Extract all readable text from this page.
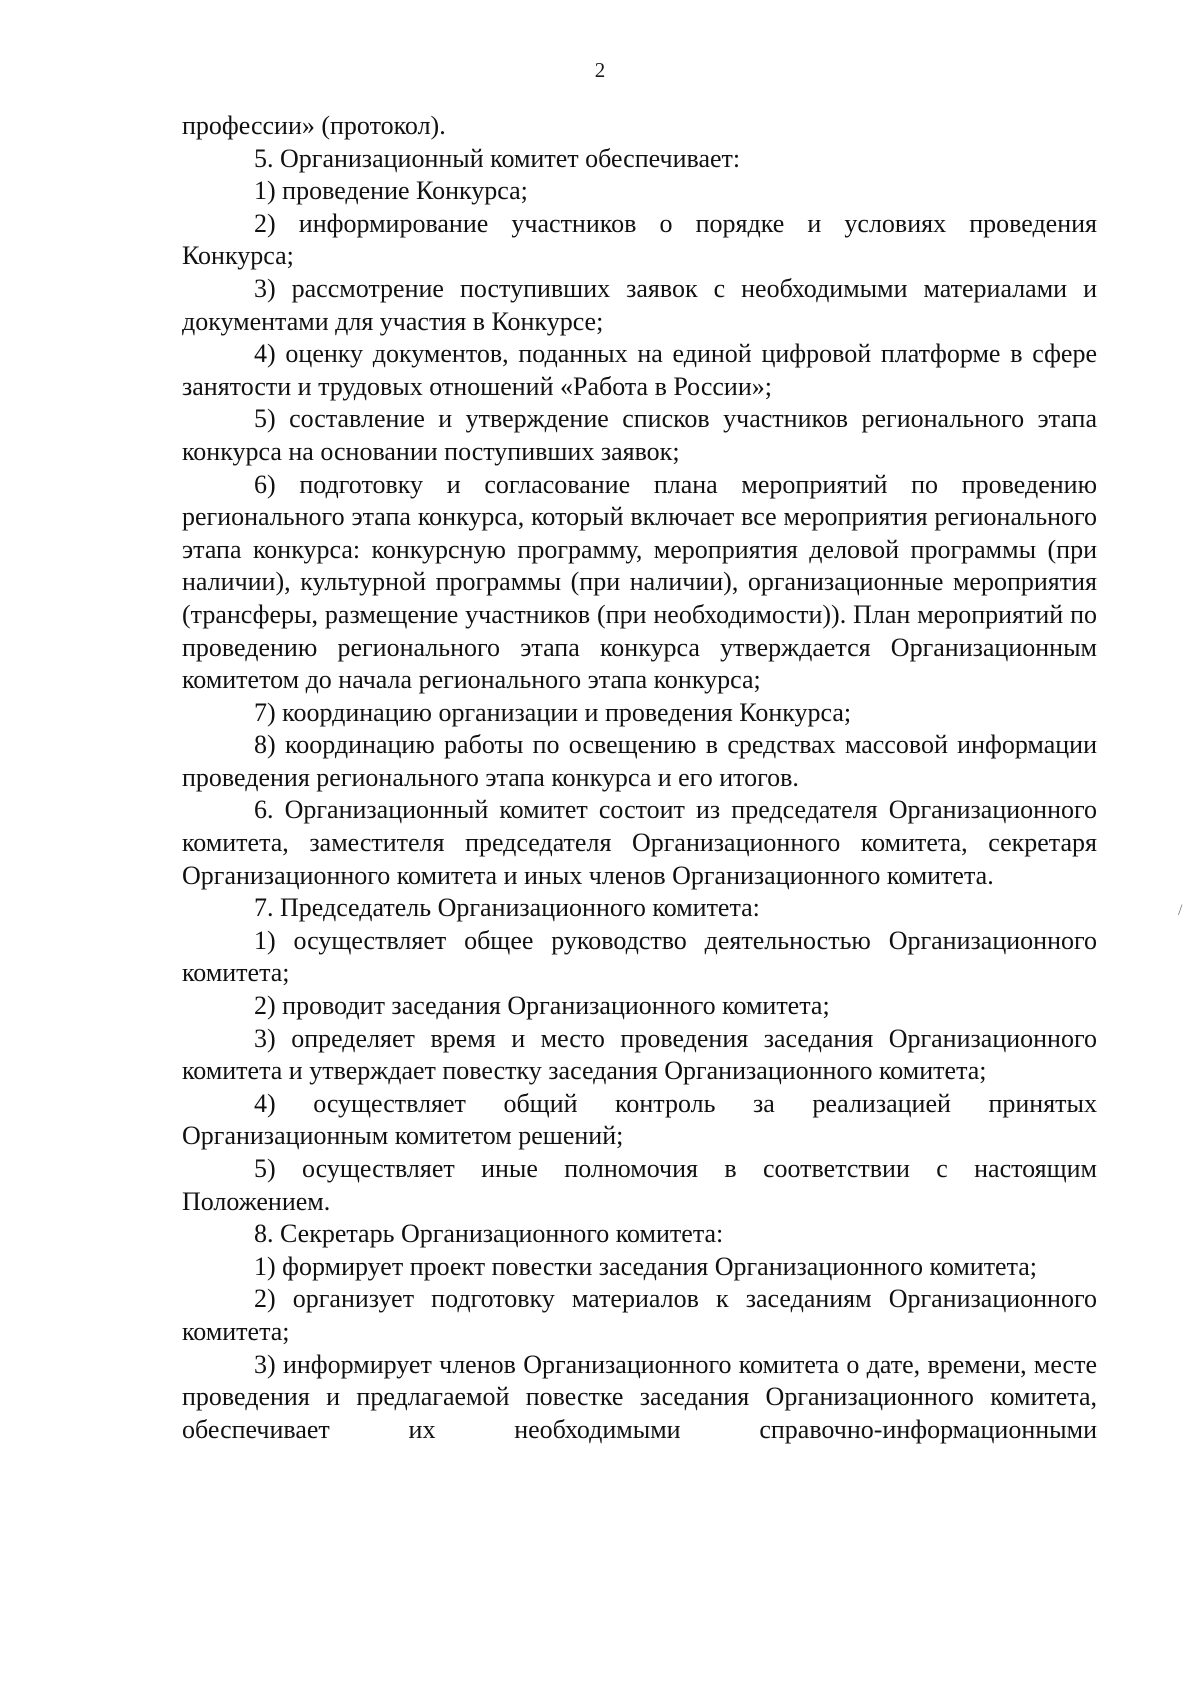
2

профессии» (протокол).

5. Организационный комитет обеспечивает:

1) проведение Конкурса;

2) информирование участников о порядке и условиях проведения Конкурса;

3) рассмотрение поступивших заявок с необходимыми материалами и документами для участия в Конкурсе;

4) оценку документов, поданных на единой цифровой платформе в сфере занятости и трудовых отношений «Работа в России»;

5) составление и утверждение списков участников регионального этапа конкурса на основании поступивших заявок;

6) подготовку и согласование плана мероприятий по проведению регионального этапа конкурса, который включает все мероприятия регионального этапа конкурса: конкурсную программу, мероприятия деловой программы (при наличии), культурной программы (при наличии), организационные мероприятия (трансферы, размещение участников (при необходимости)). План мероприятий по проведению регионального этапа конкурса утверждается Организационным комитетом до начала регионального этапа конкурса;

7) координацию организации и проведения Конкурса;

8) координацию работы по освещению в средствах массовой информации проведения регионального этапа конкурса и его итогов.

6. Организационный комитет состоит из председателя Организационного комитета, заместителя председателя Организационного комитета, секретаря Организационного комитета и иных членов Организационного комитета.

7. Председатель Организационного комитета:

1) осуществляет общее руководство деятельностью Организационного комитета;

2) проводит заседания Организационного комитета;

3) определяет время и место проведения заседания Организационного комитета и утверждает повестку заседания Организационного комитета;

4) осуществляет общий контроль за реализацией принятых Организационным комитетом решений;

5) осуществляет иные полномочия в соответствии с настоящим Положением.

8. Секретарь Организационного комитета:

1) формирует проект повестки заседания Организационного комитета;

2) организует подготовку материалов к заседаниям Организационного комитета;

3) информирует членов Организационного комитета о дате, времени, месте проведения и предлагаемой повестке заседания Организационного комитета, обеспечивает их необходимыми справочно-информационными

/
